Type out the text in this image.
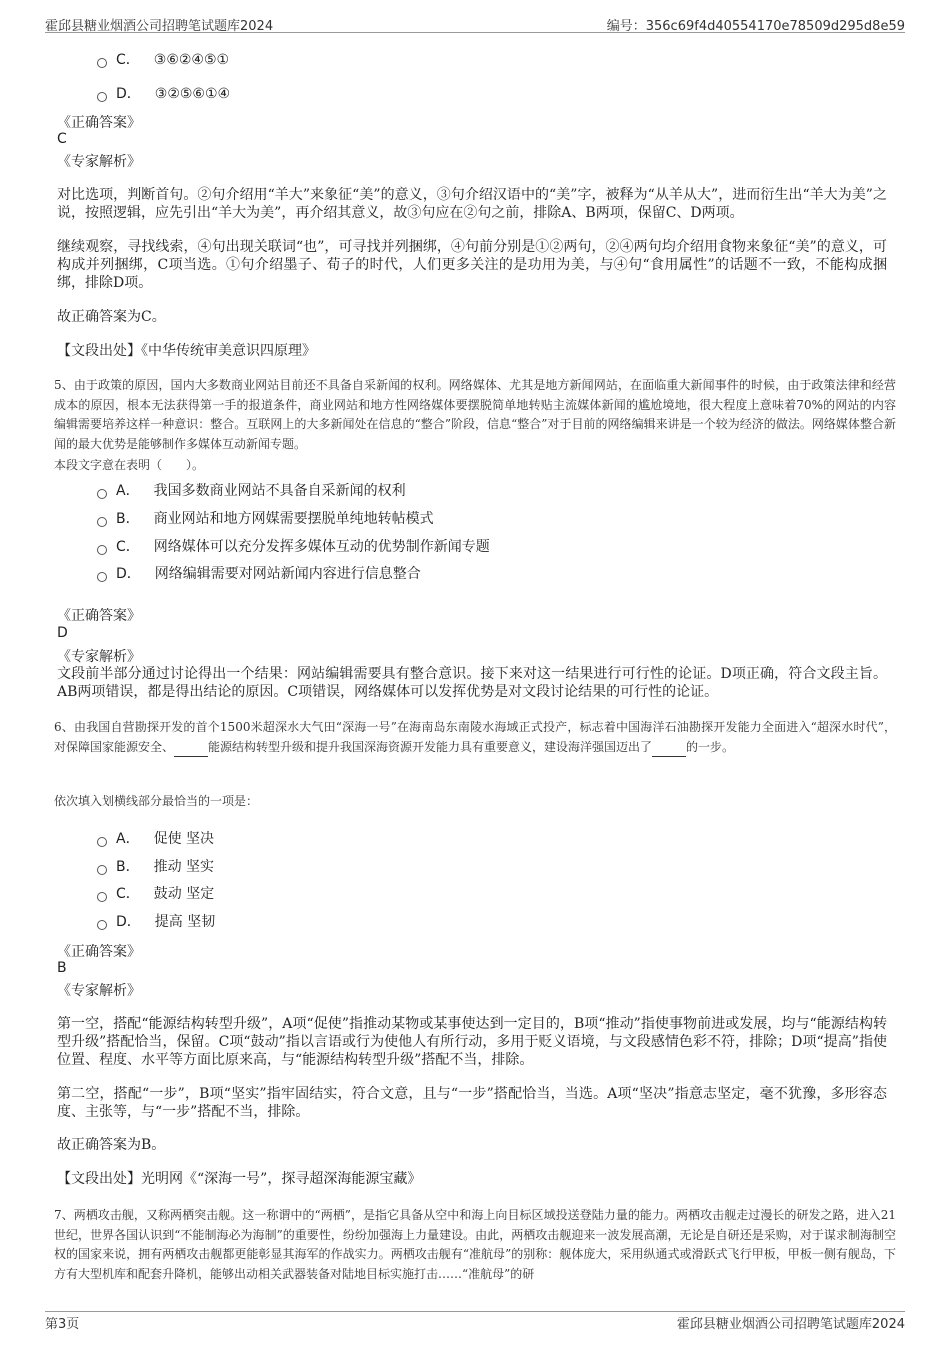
霍邱县糖业烟酒公司招聘笔试题库2024	编号：356c69f4d40554170e78509d295d8e59
C． ③⑥②④⑤①
D． ③②⑤⑥①④
《正确答案》
C
《专家解析》
对比选项，判断首句。②句介绍用“羊大”来象征“美”的意义，③句介绍汉语中的“美”字，被释为“从羊从大”，进而衍生出“羊大为美”之说，按照逻辑，应先引出“羊大为美”，再介绍其意义，故③句应在②句之前，排除A、B两项，保留C、D两项。
继续观察，寻找线索，④句出现关联词“也”，可寻找并列捆绑，④句前分别是①②两句，②④两句均介绍用食物来象征“美”的意义，可构成并列捆绑，C项当选。①句介绍墨子、荀子的时代，人们更多关注的是功用为美，与④句“食用属性”的话题不一致，不能构成捆绑，排除D项。
故正确答案为C。
【文段出处】《中华传统审美意识四原理》
5、由于政策的原因，国内大多数商业网站目前还不具备自采新闻的权利。网络媒体、尤其是地方新闻网站，在面临重大新闻事件的时候，由于政策法律和经营成本的原因，根本无法获得第一手的报道条件，商业网站和地方性网络媒体要摆脱简单地转贴主流媒体新闻的尴尬境地，很大程度上意味着70%的网站的内容编辑需要培养这样一种意识：整合。互联网上的大多新闻处在信息的“整合”阶段，信息“整合”对于目前的网络编辑来讲是一个较为经济的做法。网络媒体整合新闻的最大优势是能够制作多媒体互动新闻专题。
本段文字意在表明（　　）。
A． 我国多数商业网站不具备自采新闻的权利
B． 商业网站和地方网媒需要摆脱单纯地转帖模式
C． 网络媒体可以充分发挥多媒体互动的优势制作新闻专题
D． 网络编辑需要对网站新闻内容进行信息整合
《正确答案》
D
《专家解析》
文段前半部分通过讨论得出一个结果：网站编辑需要具有整合意识。接下来对这一结果进行可行性的论证。D项正确，符合文段主旨。AB两项错误，都是得出结论的原因。C项错误，网络媒体可以发挥优势是对文段讨论结果的可行性的论证。
6、由我国自营勘探开发的首个1500米超深水大气田“深海一号”在海南岛东南陵水海域正式投产，标志着中国海洋石油勘探开发能力全面进入“超深水时代”，对保障国家能源安全、	能源结构转型升级和提升我国深海资源开发能力具有重要意义，建设海洋强国迈出了	的一步。
依次填入划横线部分最恰当的一项是：
A． 促使 坚决
B． 推动 坚实
C． 鼓动 坚定
D． 提高 坚韧
《正确答案》
B
《专家解析》
第一空，搭配“能源结构转型升级”，A项“促使”指推动某物或某事使达到一定目的，B项“推动”指使事物前进或发展，均与“能源结构转型升级”搭配恰当，保留。C项“鼓动”指以言语或行为使他人有所行动，多用于贬义语境，与文段感情色彩不符，排除；D项“提高”指使位置、程度、水平等方面比原来高，与“能源结构转型升级”搭配不当，排除。
第二空，搭配“一步”，B项“坚实”指牢固结实，符合文意，且与“一步”搭配恰当，当选。A项“坚决”指意志坚定，毫不犹豫，多形容态度、主张等，与“一步”搭配不当，排除。
故正确答案为B。
【文段出处】光明网《“深海一号”，探寻超深海能源宝藏》
7、两栖攻击舰，又称两栖突击舰。这一称谓中的“两栖”，是指它具备从空中和海上向目标区域投送登陆力量的能力。两栖攻击舰走过漫长的研发之路，进入21世纪，世界各国认识到“不能制海必为海制”的重要性，纷纷加强海上力量建设。由此，两栖攻击舰迎来一波发展高潮，无论是自研还是采购，对于谋求制海制空权的国家来说，拥有两栖攻击舰都更能彰显其海军的作战实力。两栖攻击舰有“准航母”的别称：舰体庞大，采用纵通式或滑跃式飞行甲板，甲板一侧有舰岛，下方有大型机库和配套升降机，能够出动相关武器装备对陆地目标实施打击……“准航母”的研
第3页	霍邱县糖业烟酒公司招聘笔试题库2024
